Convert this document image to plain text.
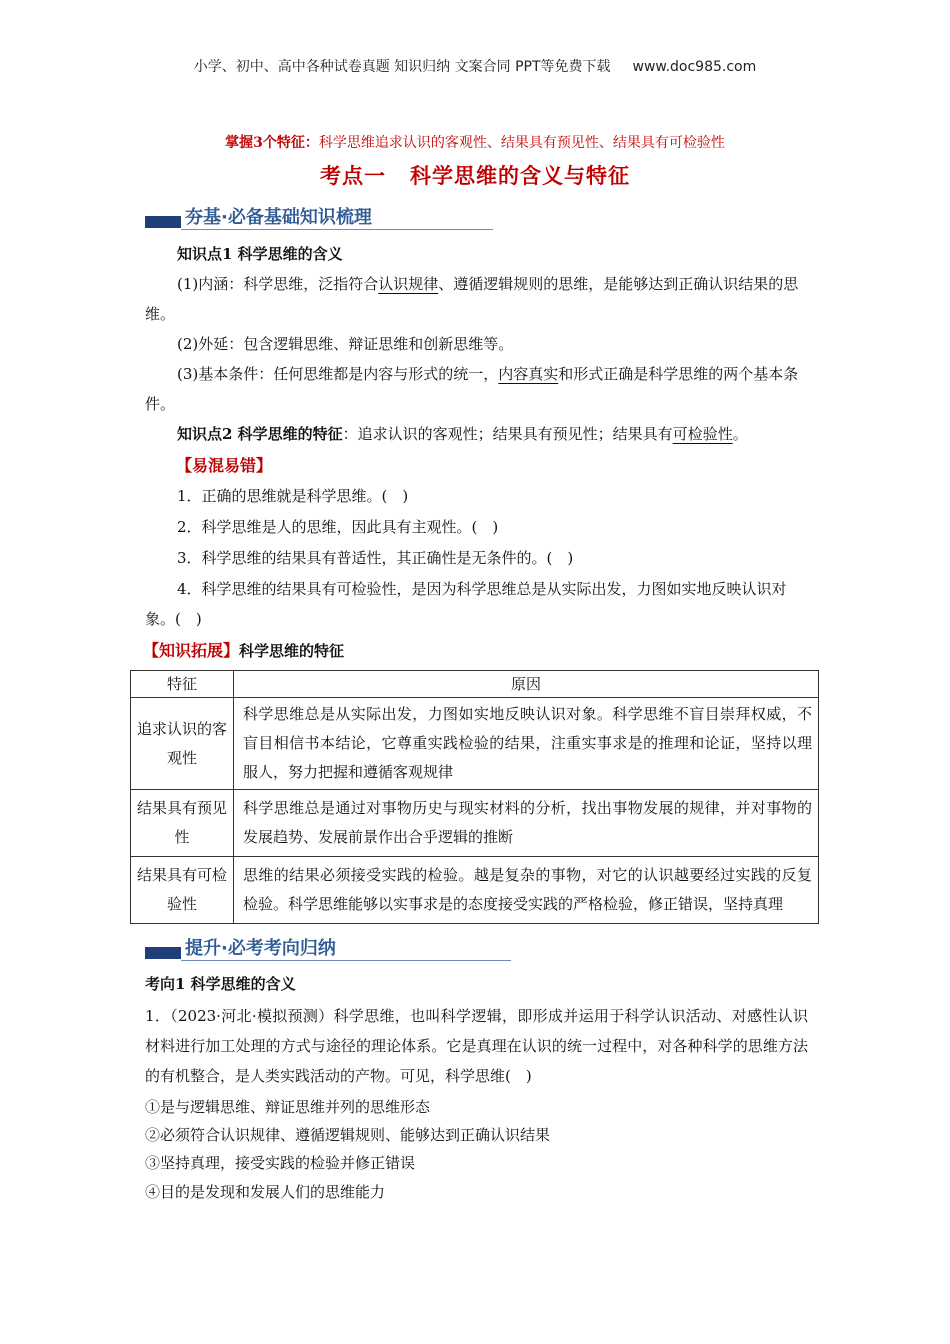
小学、初中、高中各种试卷真题 知识归纳 文案合同 PPT等免费下载 www.doc985.com
掌握3个特征：科学思维追求认识的客观性、结果具有预见性、结果具有可检验性
考点一 科学思维的含义与特征
夯基·必备基础知识梳理
知识点1 科学思维的含义
(1)内涵：科学思维，泛指符合认识规律、遵循逻辑规则的思维，是能够达到正确认识结果的思维。
(2)外延：包含逻辑思维、辩证思维和创新思维等。
(3)基本条件：任何思维都是内容与形式的统一，内容真实和形式正确是科学思维的两个基本条件。
知识点2 科学思维的特征：追求认识的客观性；结果具有预见性；结果具有可检验性。
【易混易错】
1．正确的思维就是科学思维。(　)
2．科学思维是人的思维，因此具有主观性。(　)
3．科学思维的结果具有普适性，其正确性是无条件的。(　)
4．科学思维的结果具有可检验性，是因为科学思维总是从实际出发，力图如实地反映认识对象。(　)
【知识拓展】科学思维的特征
特征	原因
追求认识的客观性	科学思维总是从实际出发，力图如实地反映认识对象。科学思维不盲目崇拜权威，不盲目相信书本结论，它尊重实践检验的结果，注重实事求是的推理和论证，坚持以理服人，努力把握和遵循客观规律
结果具有预见性	科学思维总是通过对事物历史与现实材料的分析，找出事物发展的规律，并对事物的发展趋势、发展前景作出合乎逻辑的推断
结果具有可检验性	思维的结果必须接受实践的检验。越是复杂的事物，对它的认识越要经过实践的反复检验。科学思维能够以实事求是的态度接受实践的严格检验，修正错误，坚持真理
提升·必考考向归纳
考向1 科学思维的含义
1．（2023·河北·模拟预测）科学思维，也叫科学逻辑，即形成并运用于科学认识活动、对感性认识材料进行加工处理的方式与途径的理论体系。它是真理在认识的统一过程中，对各种科学的思维方法的有机整合，是人类实践活动的产物。可见，科学思维(　)
①是与逻辑思维、辩证思维并列的思维形态
②必须符合认识规律、遵循逻辑规则、能够达到正确认识结果
③坚持真理，接受实践的检验并修正错误
④目的是发现和发展人们的思维能力
